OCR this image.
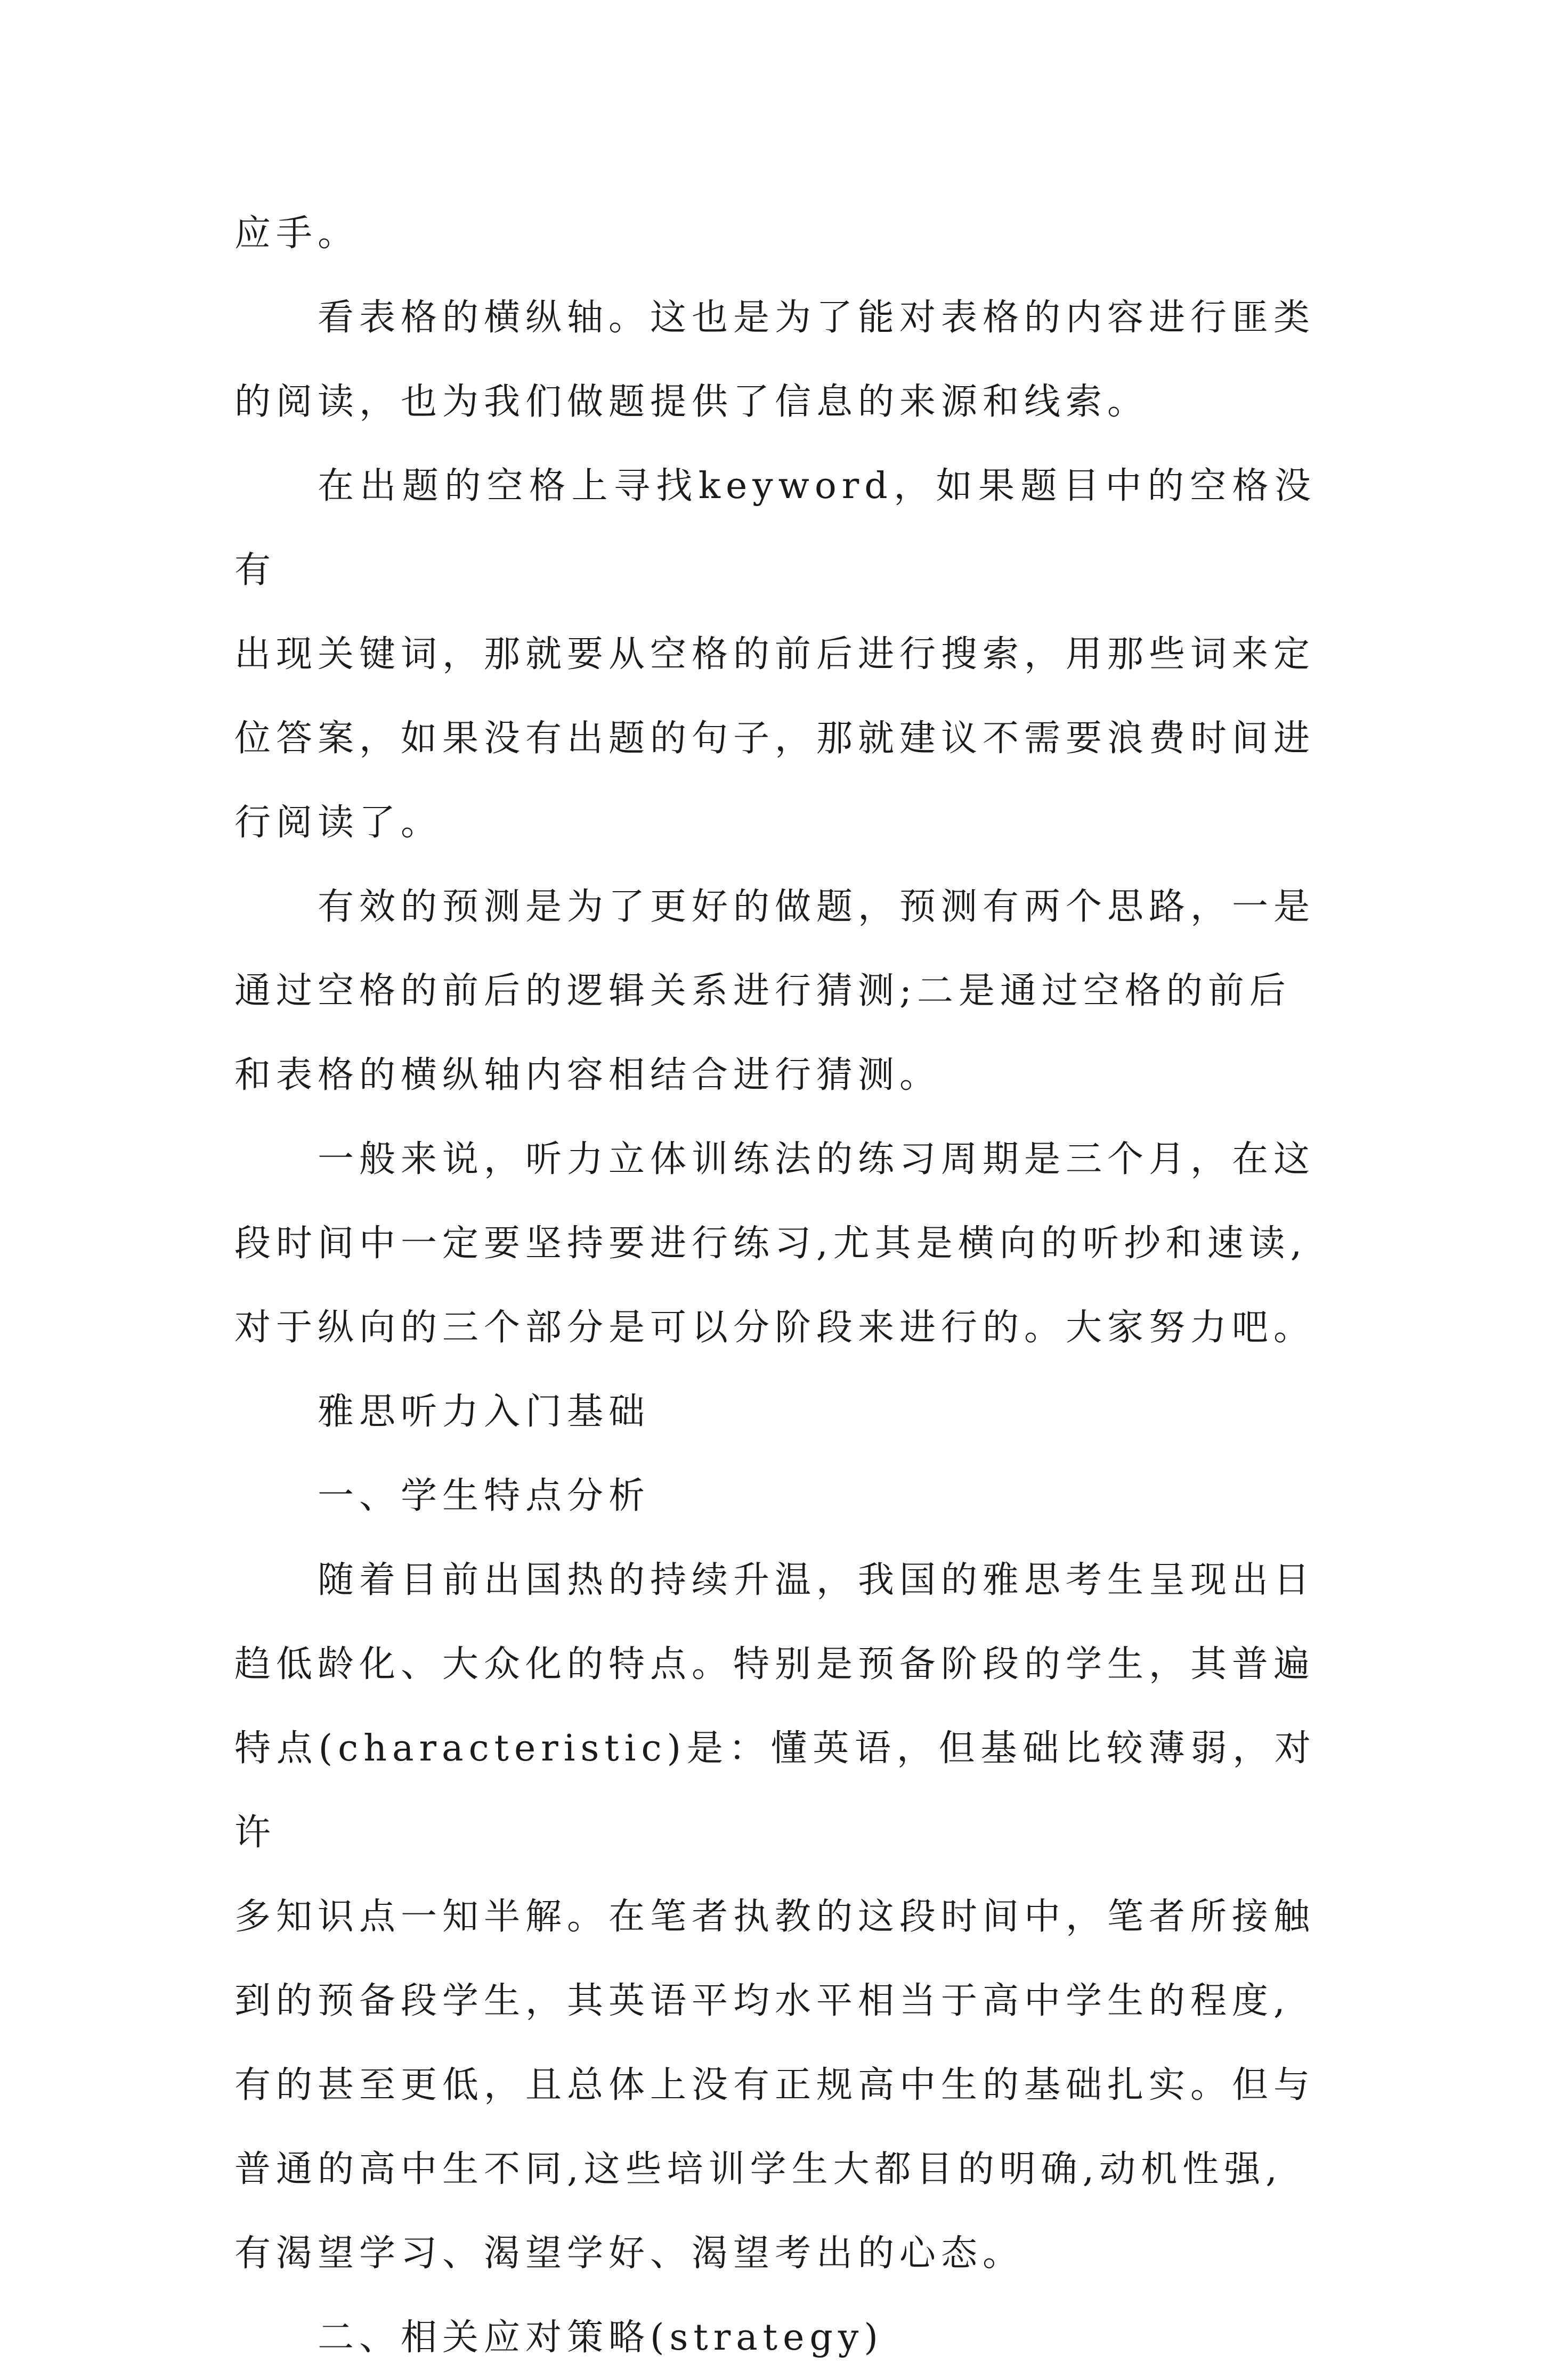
应手。

看表格的横纵轴。这也是为了能对表格的内容进行匪类
的阅读，也为我们做题提供了信息的来源和线索。

在出题的空格上寻找keyword，如果题目中的空格没有
出现关键词，那就要从空格的前后进行搜索，用那些词来定
位答案，如果没有出题的句子，那就建议不需要浪费时间进
行阅读了。

有效的预测是为了更好的做题，预测有两个思路，一是
通过空格的前后的逻辑关系进行猜测;二是通过空格的前后
和表格的横纵轴内容相结合进行猜测。

一般来说，听力立体训练法的练习周期是三个月，在这
段时间中一定要坚持要进行练习,尤其是横向的听抄和速读,
对于纵向的三个部分是可以分阶段来进行的。大家努力吧。

雅思听力入门基础

一、学生特点分析

随着目前出国热的持续升温，我国的雅思考生呈现出日
趋低龄化、大众化的特点。特别是预备阶段的学生，其普遍
特点(characteristic)是：懂英语，但基础比较薄弱，对许
多知识点一知半解。在笔者执教的这段时间中，笔者所接触
到的预备段学生，其英语平均水平相当于高中学生的程度,
有的甚至更低，且总体上没有正规高中生的基础扎实。但与
普通的高中生不同,这些培训学生大都目的明确,动机性强,
有渴望学习、渴望学好、渴望考出的心态。

二、相关应对策略(strategy)
